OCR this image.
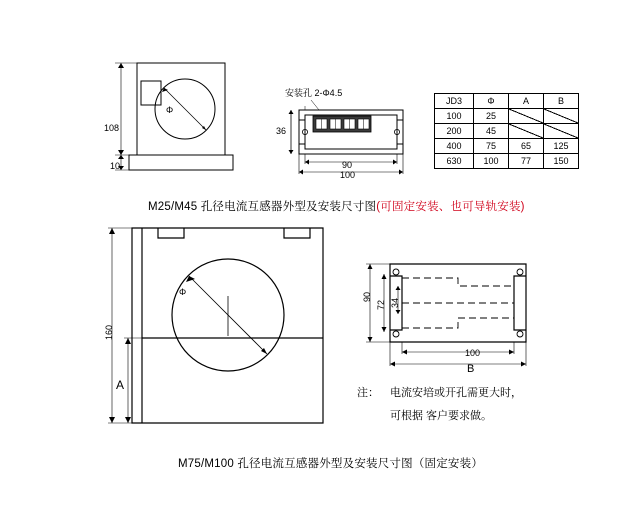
108
10
Φ
安装孔 2-Φ4.5
36
90
100
JD3	Φ	A	B
100	25		
200	45		
400	75	65	125
630	100	77	150
M25/M45 孔径电流互感器外型及安装尺寸图(可固定安装、也可导轨安装)
160
A
Φ	90
72 34
100
B
注： 电流安培或开孔需更大时，
可根据 客户要求做。
M75/M100 孔径电流互感器外型及安装尺寸图（固定安装）
